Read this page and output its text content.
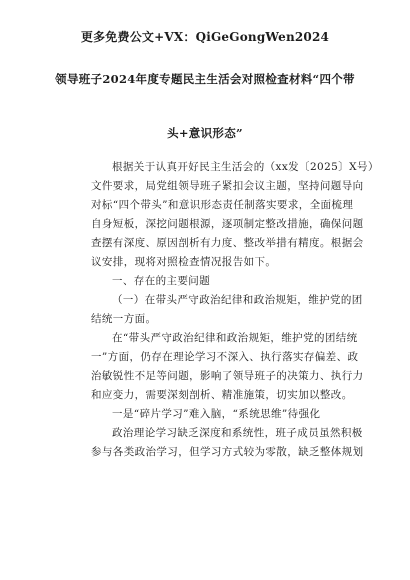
更多免费公文+VX：QiGeGongWen2024
领导班子2024年度专题民主生活会对照检查材料“四个带
头+意识形态”
根据关于认真开好民主生活会的（xx发〔2025〕X号）
文件要求，局党组领导班子紧扣会议主题，坚持问题导向
对标“四个带头”和意识形态责任制落实要求，全面梳理
自身短板，深挖问题根源，逐项制定整改措施，确保问题
查摆有深度、原因剖析有力度、整改举措有精度。根据会
议安排，现将对照检查情况报告如下。
一、存在的主要问题
（一）在带头严守政治纪律和政治规矩，维护党的团
结统一方面。
在“带头严守政治纪律和政治规矩，维护党的团结统
一”方面，仍存在理论学习不深入、执行落实存偏差、政
治敏锐性不足等问题，影响了领导班子的决策力、执行力
和应变力，需要深刻剖析、精准施策，切实加以整改。
一是“碎片学习”难入脑，“系统思维”待强化
政治理论学习缺乏深度和系统性，班子成员虽然积极
参与各类政治学习，但学习方式较为零散，缺乏整体规划
